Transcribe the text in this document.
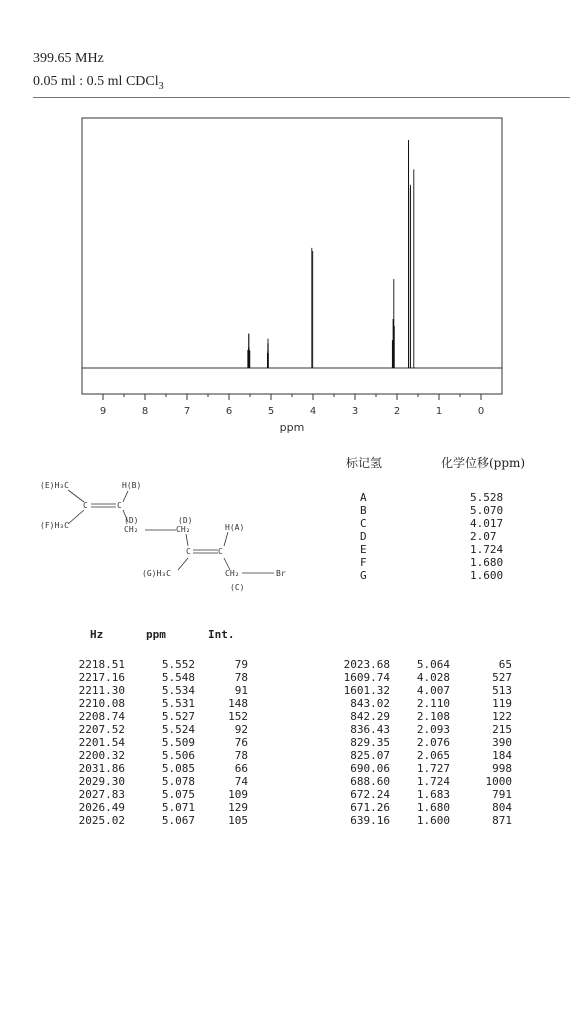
399.65 MHz
0.05 ml : 0.5 ml CDCl$_3$
9	8	7	6	5	4	3	2	1	0
ppm
(E)H₃C	H(B)
C	C
(F)H₃C
(D)
CH₂
(D)
CH₂	H(A)
C	C
(G)H₃C	CH₂	Br
(C)
标记氢	化学位移(ppm)
A	5.528
B	5.070
C	4.017
D	2.07
E	1.724
F	1.680
G	1.600
Hz	ppm	Int.
2218.51	5.552	79
2217.16	5.548	78
2211.30	5.534	91
2210.08	5.531	148
2208.74	5.527	152
2207.52	5.524	92
2201.54	5.509	76
2200.32	5.506	78
2031.86	5.085	66
2029.30	5.078	74
2027.83	5.075	109
2026.49	5.071	129
2025.02	5.067	105
2023.68	5.064	65
1609.74	4.028	527
1601.32	4.007	513
843.02	2.110	119
842.29	2.108	122
836.43	2.093	215
829.35	2.076	390
825.07	2.065	184
690.06	1.727	998
688.60	1.724	1000
672.24	1.683	791
671.26	1.680	804
639.16	1.600	871
